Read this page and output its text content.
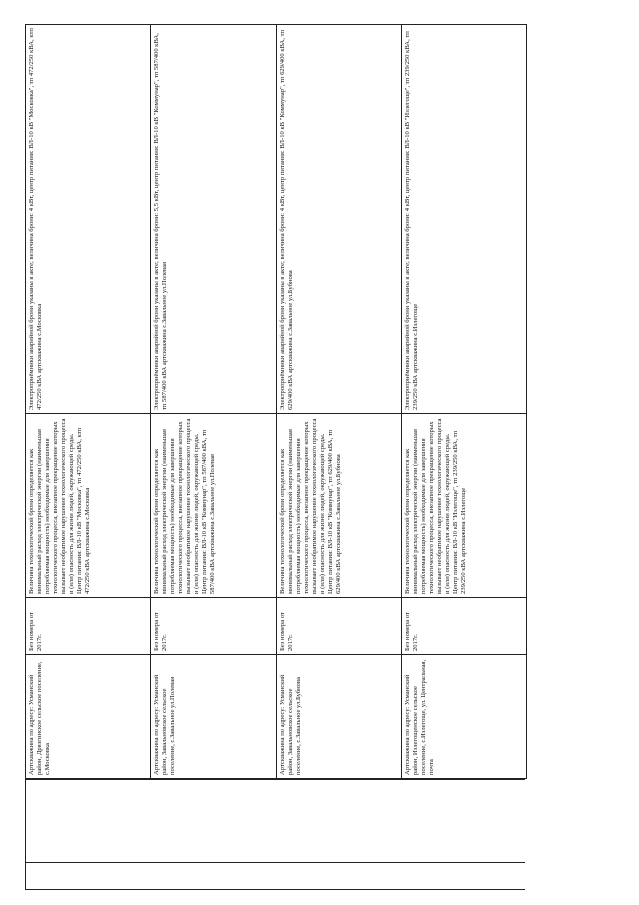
Артскважина по адресу: Усманский район, Дрязгинское сельское поселение, с.Московка	Без номера от 2017г.	Величина технологической брони определяется как минимальный расход электрической энергии (наименьшая потребляемая мощность) необходимые для завершения технологического процесса, внезапное прекращение которых вызывает необратимое нарушение технологического процесса и (или) опасность для жизни людей, окружающей среды. Центр питания: ВЛ-10 кВ "Московка", тп 472/250 кВА, ктп 472/250 кВА артскважина с.Московка	Электроприёмники аварийной брони указаны в акте; величина брони: 4 кВт, центр питания: ВЛ-10 кВ "Московка", тп 472/250 кВА, ктп 472/250 кВА артскважина с.Московка
Артскважина по адресу: Усманский район, Завальновское сельское поселение, с.Завальное ул.Полевая	Без номера от 2017г.	Величина технологической брони определяется как минимальный расход электрической энергии (наименьшая потребляемая мощность) необходимые для завершения технологического процесса, внезапное прекращение которых вызывает необратимое нарушение технологического процесса и (или) опасность для жизни людей, окружающей среды. Центр питания: ВЛ-10 кВ "Коммунар", тп 587/400 кВА, тп 587/400 кВА артскважина с.Завальное ул.Полевая	Электроприёмники аварийной брони указаны в акте; величина брони: 5,5 кВт, центр питания: ВЛ-10 кВ "Коммунар", тп 587/400 кВА, тп 587/400 кВА артскважина с.Завальное ул.Полевая
Артскважина по адресу: Усманский район, Завальновское сельское поселение, с.Завальное ул.Бубнова	Без номера от 2017г.	Величина технологической брони определяется как минимальный расход электрической энергии (наименьшая потребляемая мощность) необходимые для завершения технологического процесса, внезапное прекращение которых вызывает необратимое нарушение технологического процесса и (или) опасность для жизни людей, окружающей среды. Центр питания: ВЛ-10 кВ "Коммунар", тп 629/400 кВА, тп 629/400 кВА артскважина с.Завальное ул.Бубнова	Электроприёмники аварийной брони указаны в акте; величина брони: 4 кВт, центр питания: ВЛ-10 кВ "Коммунар", тп 629/400 кВА, тп 629/400 кВА артскважина с.Завальное ул.Бубнова
Артскважина по адресу: Усманский район, Излегощенское сельское поселение, с.Излегоще, ул. Центральная, почта	Без номера от 2017г.	Величина технологической брони определяется как минимальный расход электрической энергии (наименьшая потребляемая мощность) необходимые для завершения технологического процесса, внезапное прекращение которых вызывает необратимое нарушение технологического процесса и (или) опасность для жизни людей, окружающей среды. Центр питания: ВЛ-10 кВ "Излегоще", тп 239/250 кВА, тп 239/250 кВА артскважина с.Излегоще	Электроприёмники аварийной брони указаны в акте; величина брони: 4 кВт, центр питания: ВЛ-10 кВ "Излегоще", тп 239/250 кВА, тп 239/250 кВА артскважина с.Излегоще
